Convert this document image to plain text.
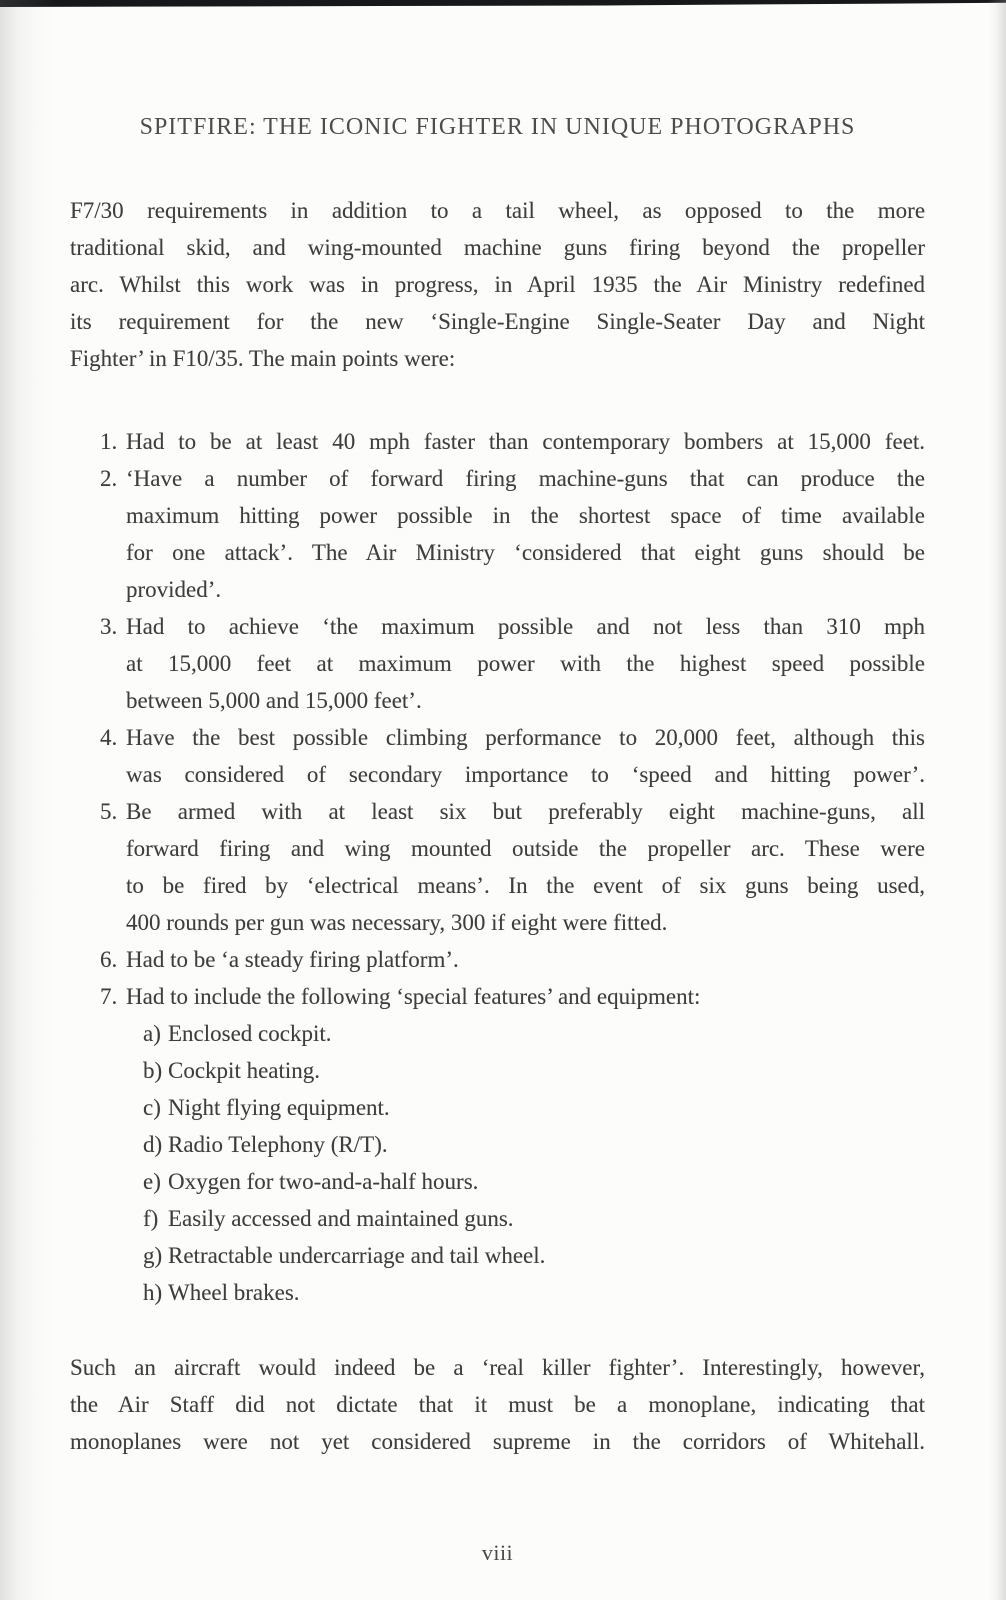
SPITFIRE: THE ICONIC FIGHTER IN UNIQUE PHOTOGRAPHS
F7/30 requirements in addition to a tail wheel, as opposed to the more
traditional skid, and wing-mounted machine guns firing beyond the propeller
arc. Whilst this work was in progress, in April 1935 the Air Ministry redefined
its requirement for the new ‘Single-Engine Single-Seater Day and Night
Fighter’ in F10/35. The main points were:
1. Had to be at least 40 mph faster than contemporary bombers at 15,000 feet.
2. ‘Have a number of forward firing machine-guns that can produce the
maximum hitting power possible in the shortest space of time available
for one attack’. The Air Ministry ‘considered that eight guns should be
provided’.
3. Had to achieve ‘the maximum possible and not less than 310 mph
at 15,000 feet at maximum power with the highest speed possible
between 5,000 and 15,000 feet’.
4. Have the best possible climbing performance to 20,000 feet, although this
was considered of secondary importance to ‘speed and hitting power’.
5. Be armed with at least six but preferably eight machine-guns, all
forward firing and wing mounted outside the propeller arc. These were
to be fired by ‘electrical means’. In the event of six guns being used,
400 rounds per gun was necessary, 300 if eight were fitted.
6. Had to be ‘a steady firing platform’.
7. Had to include the following ‘special features’ and equipment:
a) Enclosed cockpit.
b) Cockpit heating.
c) Night flying equipment.
d) Radio Telephony (R/T).
e) Oxygen for two-and-a-half hours.
f) Easily accessed and maintained guns.
g) Retractable undercarriage and tail wheel.
h) Wheel brakes.
Such an aircraft would indeed be a ‘real killer fighter’. Interestingly, however,
the Air Staff did not dictate that it must be a monoplane, indicating that
monoplanes were not yet considered supreme in the corridors of Whitehall.
viii
